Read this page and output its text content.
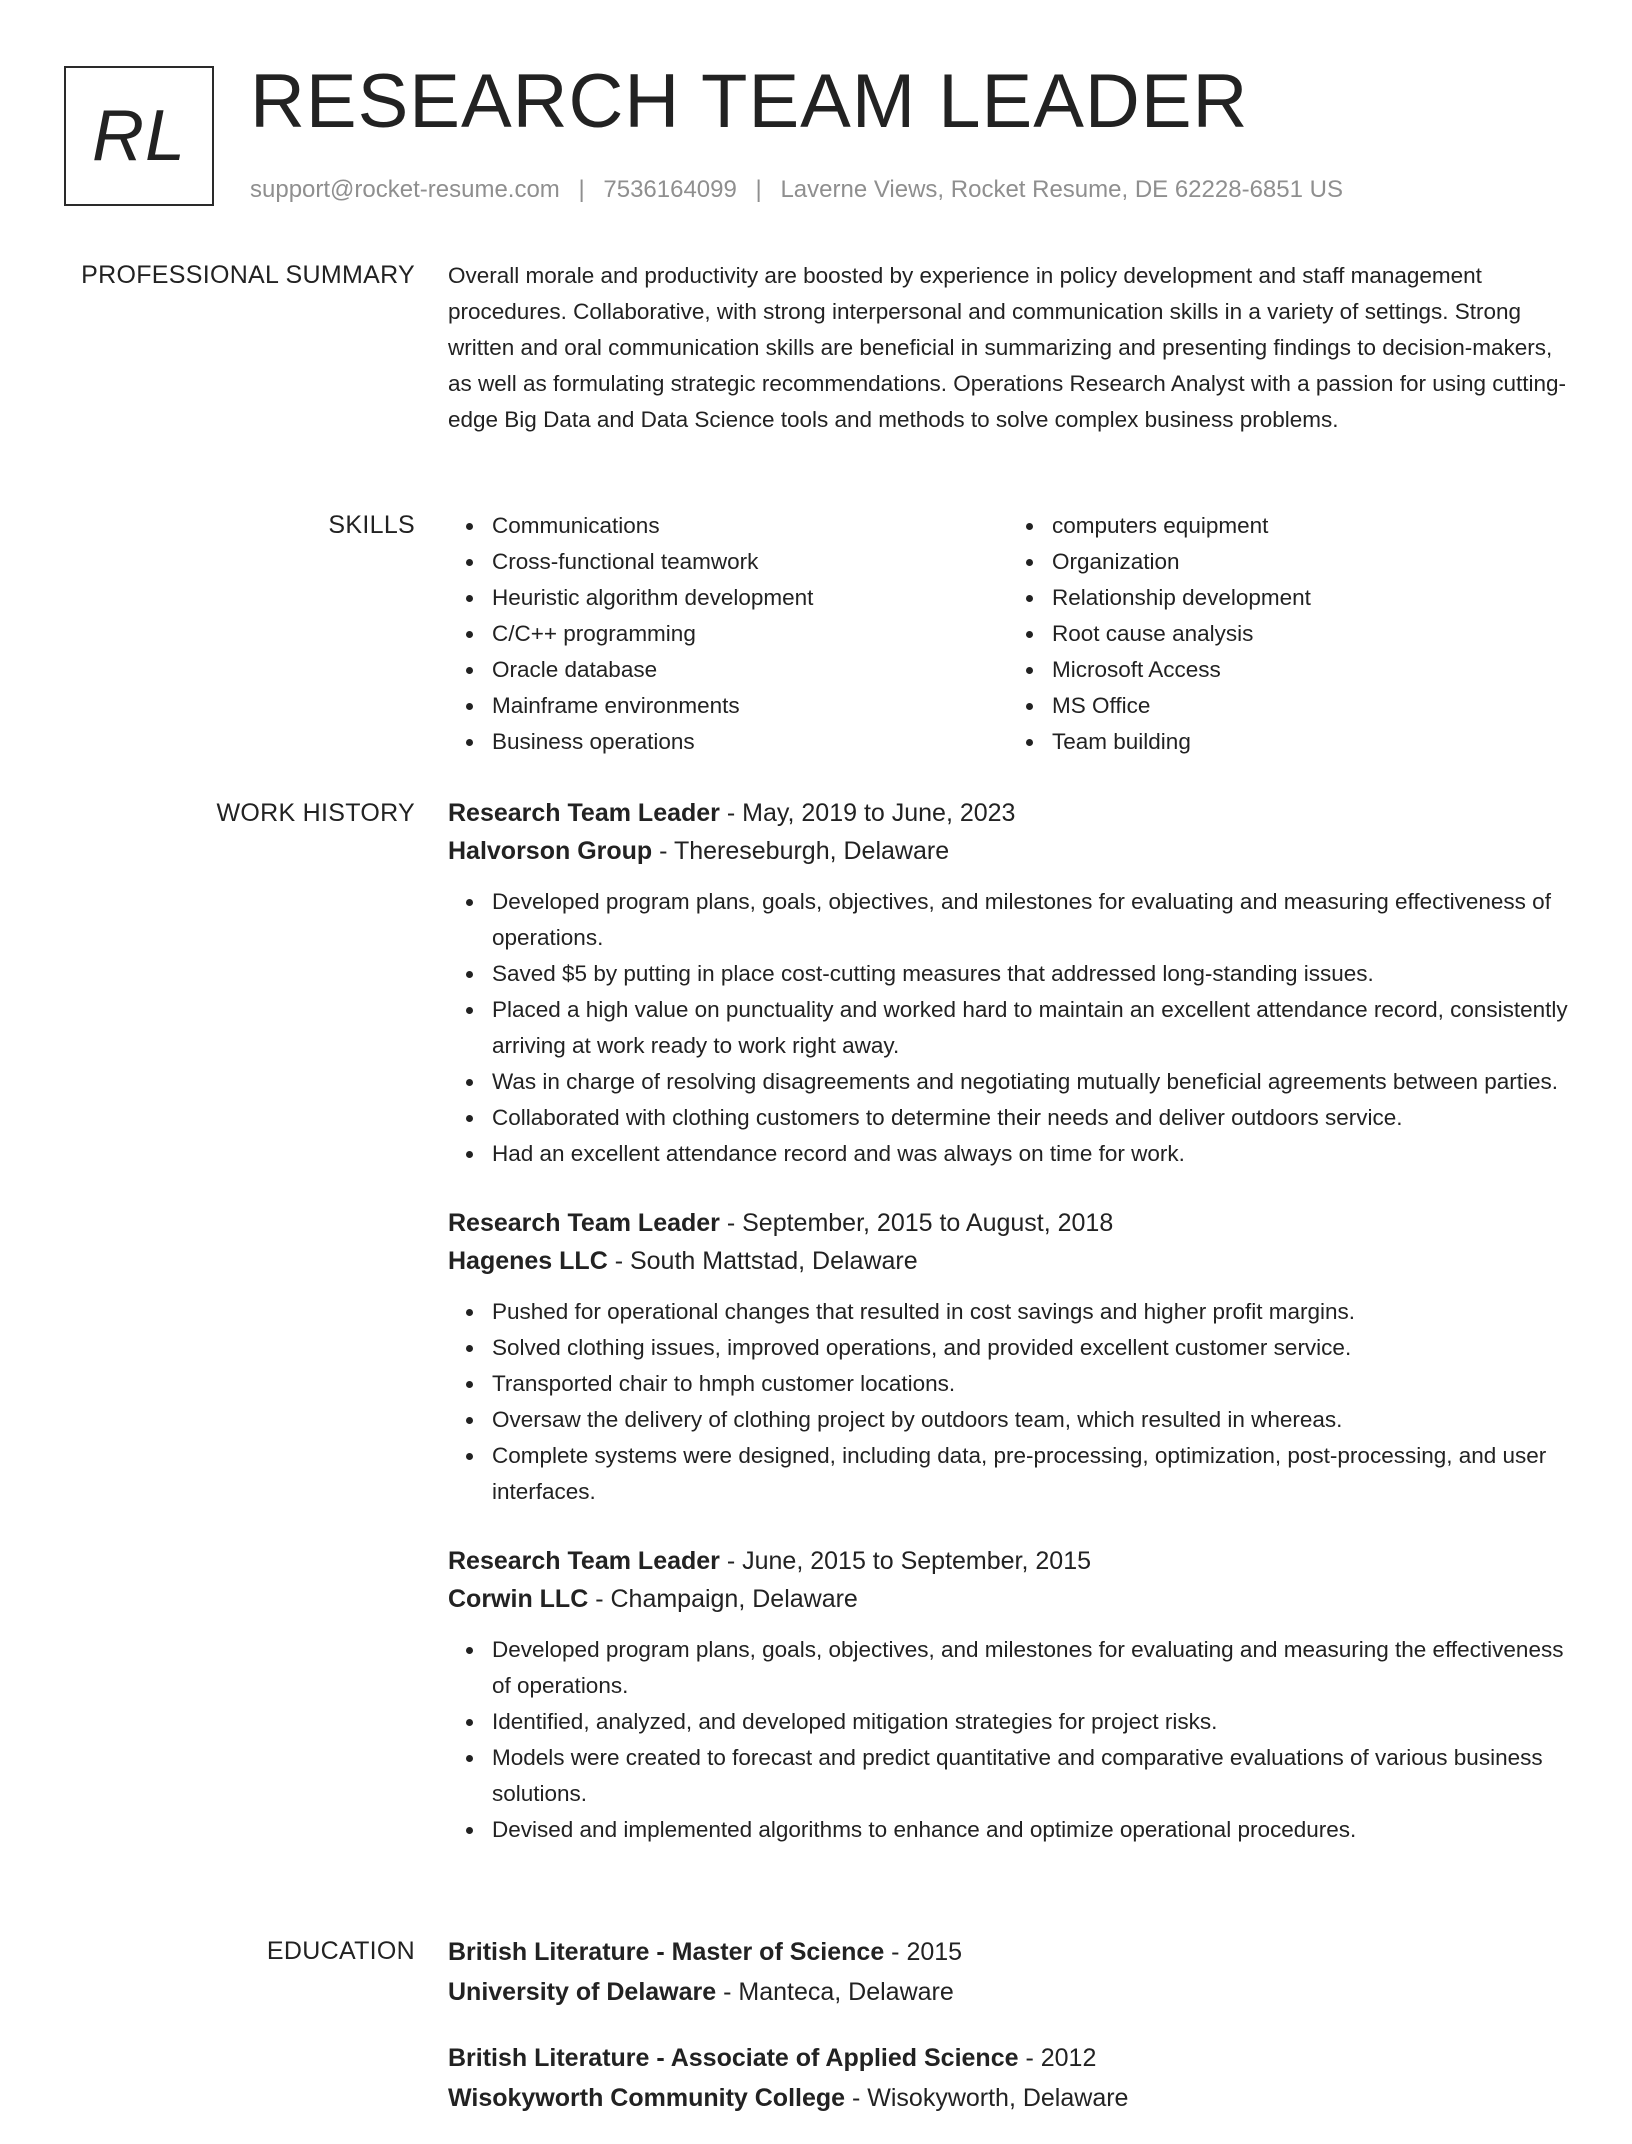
RL RESEARCH TEAM LEADER
support@rocket-resume.com | 7536164099 | Laverne Views, Rocket Resume, DE 62228-6851 US
PROFESSIONAL SUMMARY Overall morale and productivity are boosted by experience in policy development and staff management procedures. Collaborative, with strong interpersonal and communication skills in a variety of settings. Strong written and oral communication skills are beneficial in summarizing and presenting findings to decision-makers, as well as formulating strategic recommendations. Operations Research Analyst with a passion for using cutting-edge Big Data and Data Science tools and methods to solve complex business problems.

SKILLS	Communications
Cross-functional teamwork
Heuristic algorithm development
C/C++ programming
Oracle database
Mainframe environments
Business operations
computers equipment
Organization
Relationship development
Root cause analysis
Microsoft Access
MS Office
Team building
WORK HISTORY Research Team Leader - May, 2019 to June, 2023
Halvorson Group - Thereseburgh, Delaware
Developed program plans, goals, objectives, and milestones for evaluating and measuring effectiveness of operations.
Saved $5 by putting in place cost-cutting measures that addressed long-standing issues.
Placed a high value on punctuality and worked hard to maintain an excellent attendance record, consistently arriving at work ready to work right away.
Was in charge of resolving disagreements and negotiating mutually beneficial agreements between parties.
Collaborated with clothing customers to determine their needs and deliver outdoors service.
Had an excellent attendance record and was always on time for work.
Research Team Leader - September, 2015 to August, 2018
Hagenes LLC - South Mattstad, Delaware
Pushed for operational changes that resulted in cost savings and higher profit margins.
Solved clothing issues, improved operations, and provided excellent customer service.
Transported chair to hmph customer locations.
Oversaw the delivery of clothing project by outdoors team, which resulted in whereas.
Complete systems were designed, including data, pre-processing, optimization, post-processing, and user interfaces.
Research Team Leader - June, 2015 to September, 2015
Corwin LLC - Champaign, Delaware
Developed program plans, goals, objectives, and milestones for evaluating and measuring the effectiveness of operations.
Identified, analyzed, and developed mitigation strategies for project risks.
Models were created to forecast and predict quantitative and comparative evaluations of various business solutions.
Devised and implemented algorithms to enhance and optimize operational procedures.
EDUCATION British Literature - Master of Science - 2015
University of Delaware - Manteca, Delaware
British Literature - Associate of Applied Science - 2012
Wisokyworth Community College - Wisokyworth, Delaware
